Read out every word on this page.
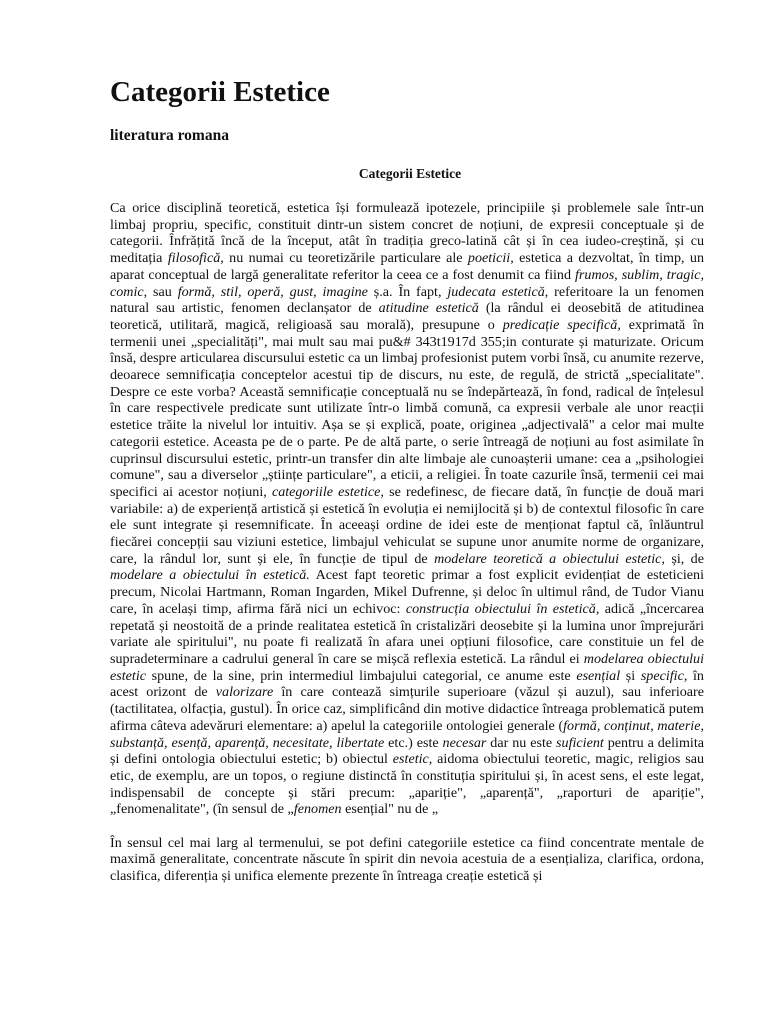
Categorii Estetice
literatura romana
Categorii Estetice

Ca orice disciplină teoretică, estetica își formulează ipotezele, principiile și problemele sale într-un limbaj propriu, specific, constituit dintr-un sistem concret de noțiuni, de expresii conceptuale și de categorii. Înfrățită încă de la început, atât în tradiția greco-latină cât și în cea iudeo-creștină, și cu meditația filosofică, nu numai cu teoretizările particulare ale poeticii, estetica a dezvoltat, în timp, un aparat conceptual de largă generalitate referitor la ceea ce a fost denumit ca fiind frumos, sublim, tragic, comic, sau formă, stil, operă, gust, imagine ș.a. În fapt, judecata estetică, referitoare la un fenomen natural sau artistic, fenomen declanșator de atitudine estetică (la rândul ei deosebită de atitudinea teoretică, utilitară, magică, religioasă sau morală), presupune o predicație specifică, exprimată în termenii unei „specialități", mai mult sau mai pu&# 343t1917d 355;in conturate și maturizate. Oricum însă, despre articularea discursului estetic ca un limbaj profesionist putem vorbi însă, cu anumite rezerve, deoarece semnificația conceptelor acestui tip de discurs, nu este, de regulă, de strictă „specialitate". Despre ce este vorba? Această semnificație conceptuală nu se îndepărtează, în fond, radical de înțelesul în care respectivele predicate sunt utilizate într-o limbă comună, ca expresii verbale ale unor reacții estetice trăite la nivelul lor intuitiv. Așa se și explică, poate, originea „adjectivală" a celor mai multe categorii estetice. Aceasta pe de o parte. Pe de altă parte, o serie întreagă de noțiuni au fost asimilate în cuprinsul discursului estetic, printr-un transfer din alte limbaje ale cunoașterii umane: cea a „psihologiei comune", sau a diverselor „științe particulare", a eticii, a religiei. În toate cazurile însă, termenii cei mai specifici ai acestor noțiuni, categoriile estetice, se redefinesc, de fiecare dată, în funcție de două mari variabile: a) de experiență artistică și estetică în evoluția ei nemijlocită și b) de contextul filosofic în care ele sunt integrate și resemnificate. În aceeași ordine de idei este de menționat faptul că, înlăuntrul fiecărei concepții sau viziuni estetice, limbajul vehiculat se supune unor anumite norme de organizare, care, la rândul lor, sunt și ele, în funcție de tipul de modelare teoretică a obiectului estetic, și, de modelare a obiectului în estetică. Acest fapt teoretic primar a fost explicit evidențiat de esteticieni precum, Nicolai Hartmann, Roman Ingarden, Mikel Dufrenne, și deloc în ultimul rând, de Tudor Vianu care, în același timp, afirma fără nici un echivoc: construcția obiectului în estetică, adică „încercarea repetată și neostoită de a prinde realitatea estetică în cristalizări deosebite și la lumina unor împrejurări variate ale spiritului", nu poate fi realizată în afara unei opțiuni filosofice, care constituie un fel de supradeterminare a cadrului general în care se mișcă reflexia estetică. La rândul ei modelarea obiectului estetic spune, de la sine, prin intermediul limbajului categorial, ce anume este esențial și specific, în acest orizont de valorizare în care contează simțurile superioare (văzul și auzul), sau inferioare (tactilitatea, olfacția, gustul). În orice caz, simplificând din motive didactice întreaga problematică putem afirma câteva adevăruri elementare: a) apelul la categoriile ontologiei generale (formă, conținut, materie, substanță, esență, aparență, necesitate, libertate etc.) este necesar dar nu este suficient pentru a delimita și defini ontologia obiectului estetic; b) obiectul estetic, aidoma obiectului teoretic, magic, religios sau etic, de exemplu, are un topos, o regiune distinctă în constituția spiritului și, în acest sens, el este legat, indispensabil de concepte și stări precum: „apariție", „aparență", „raporturi de apariție", „fenomenalitate", (în sensul de „fenomen esențial" nu de „

În sensul cel mai larg al termenului, se pot defini categoriile estetice ca fiind concentrate mentale de maximă generalitate, concentrate născute în spirit din nevoia acestuia de a esențializa, clarifica, ordona, clasifica, diferenția și unifica elemente prezente în întreaga creație estetică și
